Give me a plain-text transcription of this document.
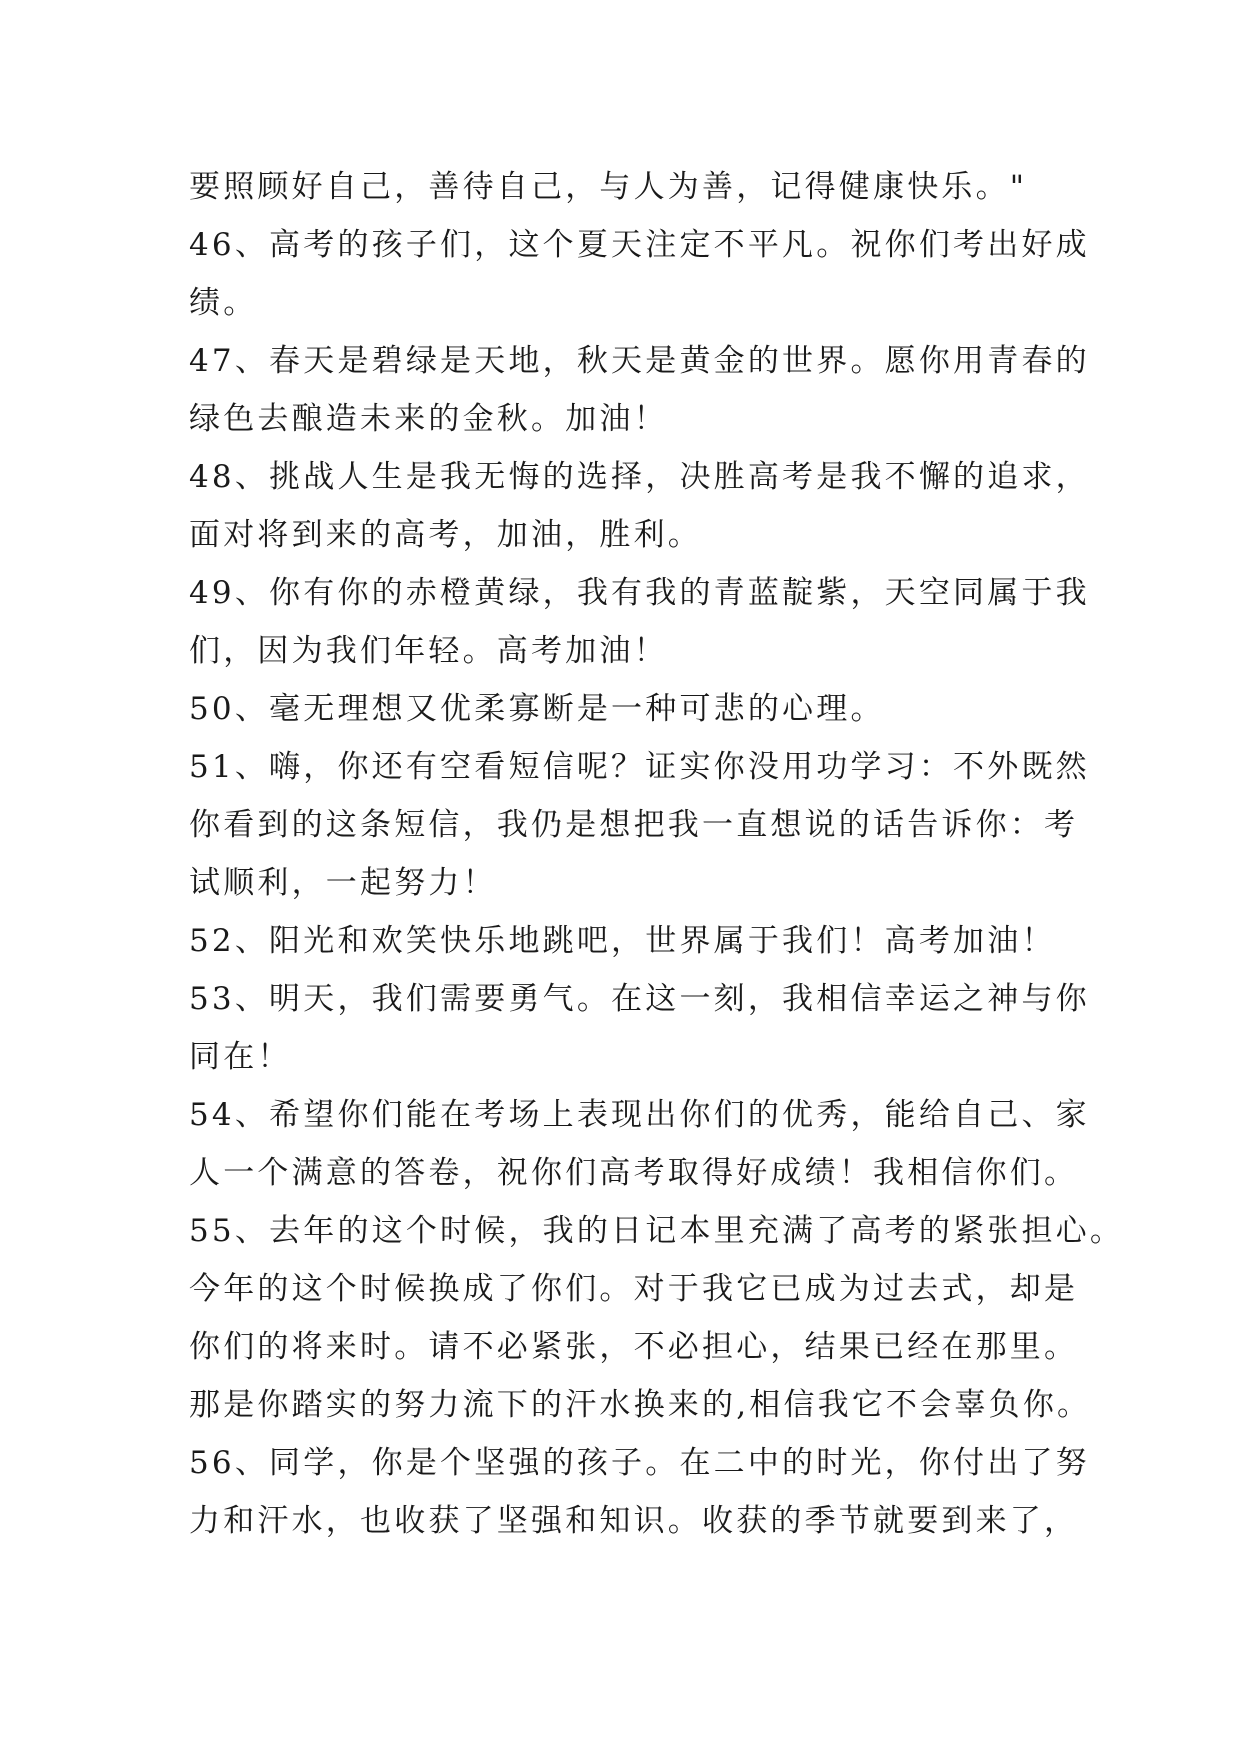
要照顾好自己，善待自己，与人为善，记得健康快乐。"
46、高考的孩子们，这个夏天注定不平凡。祝你们考出好成
绩。
47、春天是碧绿是天地，秋天是黄金的世界。愿你用青春的
绿色去酿造未来的金秋。加油！
48、挑战人生是我无悔的选择，决胜高考是我不懈的追求，
面对将到来的高考，加油，胜利。
49、你有你的赤橙黄绿，我有我的青蓝靛紫，天空同属于我
们，因为我们年轻。高考加油！
50、毫无理想又优柔寡断是一种可悲的心理。
51、嗨，你还有空看短信呢？证实你没用功学习：不外既然
你看到的这条短信，我仍是想把我一直想说的话告诉你：考
试顺利，一起努力！
52、阳光和欢笑快乐地跳吧，世界属于我们！高考加油！
53、明天，我们需要勇气。在这一刻，我相信幸运之神与你
同在！
54、希望你们能在考场上表现出你们的优秀，能给自己、家
人一个满意的答卷，祝你们高考取得好成绩！我相信你们。
55、去年的这个时候，我的日记本里充满了高考的紧张担心。
今年的这个时候换成了你们。对于我它已成为过去式，却是
你们的将来时。请不必紧张，不必担心，结果已经在那里。
那是你踏实的努力流下的汗水换来的,相信我它不会辜负你。
56、同学，你是个坚强的孩子。在二中的时光，你付出了努
力和汗水，也收获了坚强和知识。收获的季节就要到来了，
